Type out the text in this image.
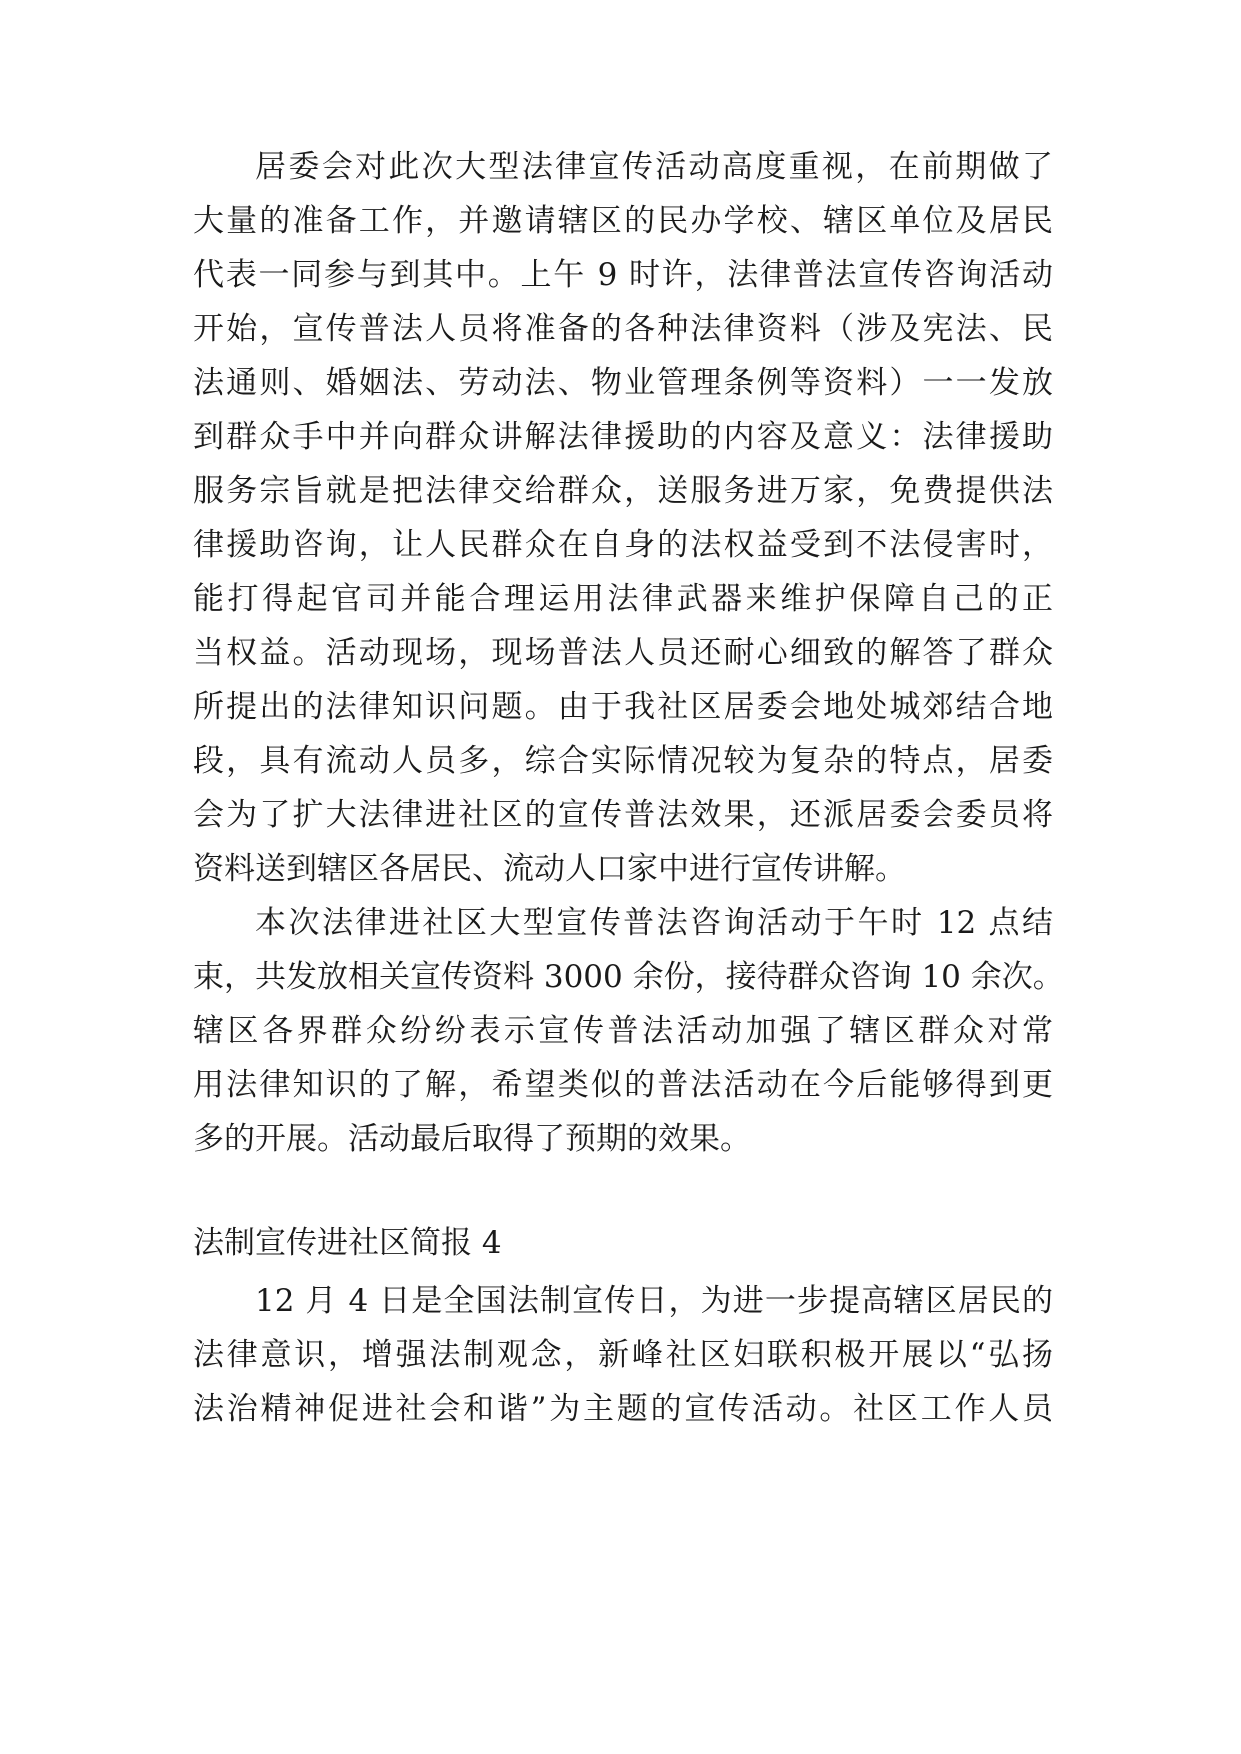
居委会对此次大型法律宣传活动高度重视，在前期做了
大量的准备工作，并邀请辖区的民办学校、辖区单位及居民
代表一同参与到其中。上午 9 时许，法律普法宣传咨询活动
开始，宣传普法人员将准备的各种法律资料（涉及宪法、民
法通则、婚姻法、劳动法、物业管理条例等资料）一一发放
到群众手中并向群众讲解法律援助的内容及意义：法律援助
服务宗旨就是把法律交给群众，送服务进万家，免费提供法
律援助咨询，让人民群众在自身的法权益受到不法侵害时，
能打得起官司并能合理运用法律武器来维护保障自己的正
当权益。活动现场，现场普法人员还耐心细致的解答了群众
所提出的法律知识问题。由于我社区居委会地处城郊结合地
段，具有流动人员多，综合实际情况较为复杂的特点，居委
会为了扩大法律进社区的宣传普法效果，还派居委会委员将
资料送到辖区各居民、流动人口家中进行宣传讲解。
本次法律进社区大型宣传普法咨询活动于午时 12 点结
束，共发放相关宣传资料 3000 余份，接待群众咨询 10 余次。
辖区各界群众纷纷表示宣传普法活动加强了辖区群众对常
用法律知识的了解，希望类似的普法活动在今后能够得到更
多的开展。活动最后取得了预期的效果。
法制宣传进社区简报 4
12 月 4 日是全国法制宣传日，为进一步提高辖区居民的
法律意识，增强法制观念，新峰社区妇联积极开展以“弘扬
法治精神促进社会和谐”为主题的宣传活动。社区工作人员
